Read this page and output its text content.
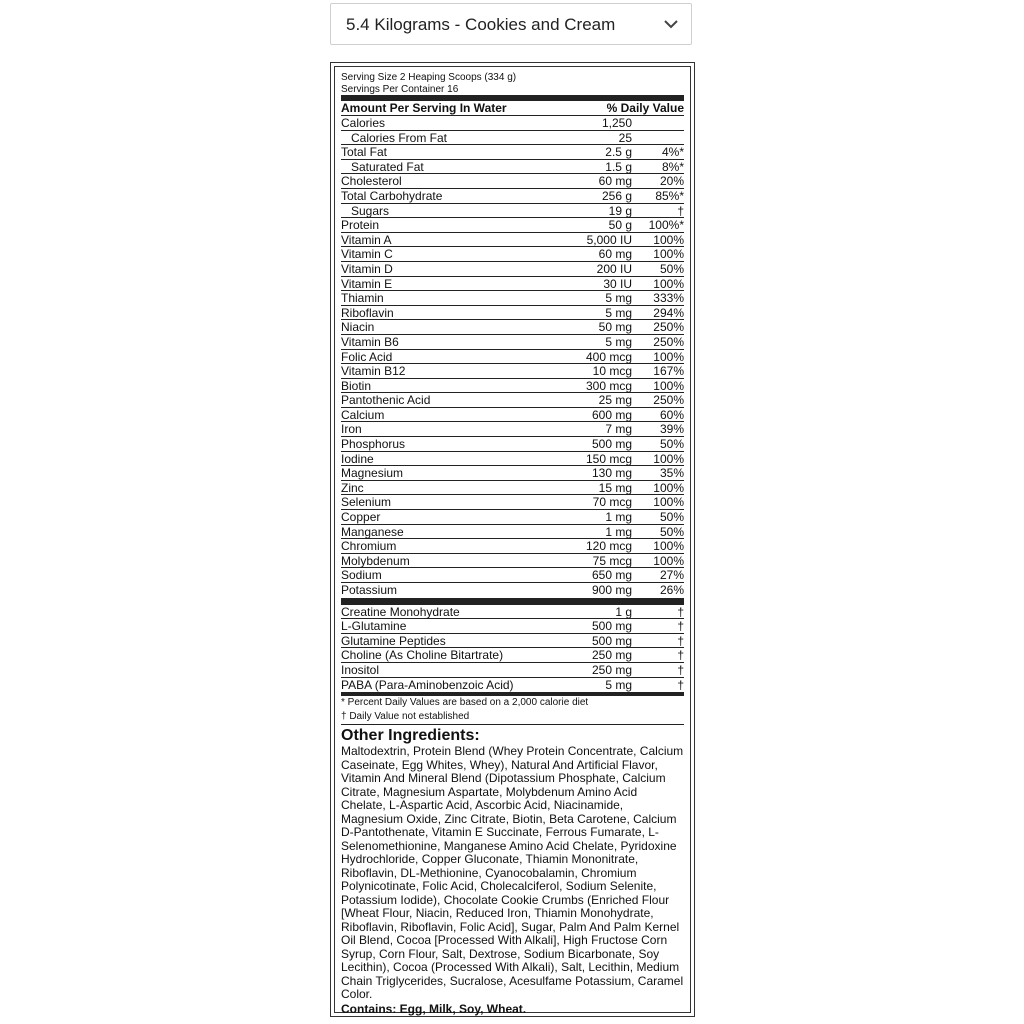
5.4 Kilograms - Cookies and Cream
Serving Size 2 Heaping Scoops (334 g)
Servings Per Container 16
Amount Per Serving In Water	% Daily Value
Calories	1,250
Calories From Fat	25
Total Fat	2.5 g	4%*
Saturated Fat	1.5 g	8%*
Cholesterol	60 mg	20%
Total Carbohydrate	256 g	85%*
Sugars	19 g	†
Protein	50 g	100%*
Vitamin A	5,000 IU	100%
Vitamin C	60 mg	100%
Vitamin D	200 IU	50%
Vitamin E	30 IU	100%
Thiamin	5 mg	333%
Riboflavin	5 mg	294%
Niacin	50 mg	250%
Vitamin B6	5 mg	250%
Folic Acid	400 mcg	100%
Vitamin B12	10 mcg	167%
Biotin	300 mcg	100%
Pantothenic Acid	25 mg	250%
Calcium	600 mg	60%
Iron	7 mg	39%
Phosphorus	500 mg	50%
Iodine	150 mcg	100%
Magnesium	130 mg	35%
Zinc	15 mg	100%
Selenium	70 mcg	100%
Copper	1 mg	50%
Manganese	1 mg	50%
Chromium	120 mcg	100%
Molybdenum	75 mcg	100%
Sodium	650 mg	27%
Potassium	900 mg	26%
Creatine Monohydrate	1 g	†
L-Glutamine	500 mg	†
Glutamine Peptides	500 mg	†
Choline (As Choline Bitartrate)	250 mg	†
Inositol	250 mg	†
PABA (Para-Aminobenzoic Acid)	5 mg	†
* Percent Daily Values are based on a 2,000 calorie diet
† Daily Value not established
Other Ingredients:
Maltodextrin, Protein Blend (Whey Protein Concentrate, Calcium Caseinate, Egg Whites, Whey), Natural And Artificial Flavor, Vitamin And Mineral Blend (Dipotassium Phosphate, Calcium Citrate, Magnesium Aspartate, Molybdenum Amino Acid Chelate, L-Aspartic Acid, Ascorbic Acid, Niacinamide, Magnesium Oxide, Zinc Citrate, Biotin, Beta Carotene, Calcium D-Pantothenate, Vitamin E Succinate, Ferrous Fumarate, L-Selenomethionine, Manganese Amino Acid Chelate, Pyridoxine Hydrochloride, Copper Gluconate, Thiamin Mononitrate, Riboflavin, DL-Methionine, Cyanocobalamin, Chromium Polynicotinate, Folic Acid, Cholecalciferol, Sodium Selenite, Potassium Iodide), Chocolate Cookie Crumbs (Enriched Flour [Wheat Flour, Niacin, Reduced Iron, Thiamin Monohydrate, Riboflavin, Riboflavin, Folic Acid], Sugar, Palm And Palm Kernel Oil Blend, Cocoa [Processed With Alkali], High Fructose Corn Syrup, Corn Flour, Salt, Dextrose, Sodium Bicarbonate, Soy Lecithin), Cocoa (Processed With Alkali), Salt, Lecithin, Medium Chain Triglycerides, Sucralose, Acesulfame Potassium, Caramel Color.
Contains: Egg, Milk, Soy, Wheat.
